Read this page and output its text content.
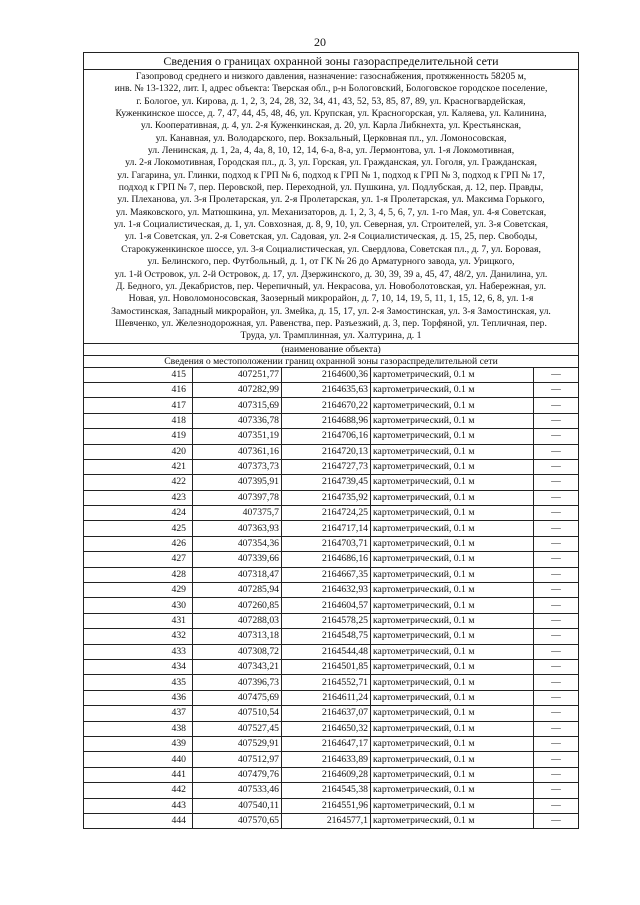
20
Сведения о границах охранной зоны газораспределительной сети
Газопровод среднего и низкого давления, назначение: газоснабжения, протяженность 58205 м,
инв. № 13-1322, лит. I, адрес объекта: Тверская обл., р-н Бологовский, Бологовское городское поселение,
г. Бологое, ул. Кирова, д. 1, 2, 3, 24, 28, 32, 34, 41, 43, 52, 53, 85, 87, 89, ул. Красногвардейская,
Куженкинское шоссе, д. 7, 47, 44, 45, 48, 46, ул. Крупская, ул. Красногорская, ул. Каляева, ул. Калинина,
ул. Кооперативная, д. 4, ул. 2-я Куженкинская, д. 20, ул. Карла Либкнехта, ул. Крестьянская,
ул. Канавная, ул. Володарского, пер. Вокзальный, Церковная пл., ул. Ломоносовская,
ул. Ленинская, д. 1, 2а, 4, 4а, 8, 10, 12, 14, 6-а, 8-а, ул. Лермонтова, ул. 1-я Локомотивная,
ул. 2-я Локомотивная, Городская пл., д. 3, ул. Горская, ул. Гражданская, ул. Гоголя, ул. Гражданская,
ул. Гагарина, ул. Глинки, подход к ГРП № 6, подход к ГРП № 1, подход к ГРП № 3, подход к ГРП № 17,
подход к ГРП № 7, пер. Перовской, пер. Переходной, ул. Пушкина, ул. Подлубская, д. 12, пер. Правды,
ул. Плеханова, ул. 3-я Пролетарская, ул. 2-я Пролетарская, ул. 1-я Пролетарская, ул. Максима Горького,
ул. Маяковского, ул. Матюшкина, ул. Механизаторов, д. 1, 2, 3, 4, 5, 6, 7, ул. 1-го Мая, ул. 4-я Советская,
ул. 1-я Социалистическая, д. 1, ул. Совхозная, д. 8, 9, 10, ул. Северная, ул. Строителей, ул. 3-я Советская,
ул. 1-я Советская, ул. 2-я Советская, ул. Садовая, ул. 2-я Социалистическая, д. 15, 25, пер. Свободы,
Старокуженкинское шоссе, ул. 3-я Социалистическая, ул. Свердлова, Советская пл., д. 7, ул. Боровая,
ул. Белинского, пер. Футбольный, д. 1, от ГК № 26 до Арматурного завода, ул. Урицкого,
ул. 1-й Островок, ул. 2-й Островок, д. 17, ул. Дзержинского, д. 30, 39, 39 а, 45, 47, 48/2, ул. Данилина, ул.
Д. Бедного, ул. Декабристов, пер. Черепичный, ул. Некрасова, ул. Новоболотовская, ул. Набережная, ул.
Новая, ул. Новоломоносовская, Заозерный микрорайон, д. 7, 10, 14, 19, 5, 11, 1, 15, 12, 6, 8, ул. 1-я
Замостинская, Западный микрорайон, ул. Змейка, д. 15, 17, ул. 2-я Замостинская, ул. 3-я Замостинская, ул.
Шевченко, ул. Железнодорожная, ул. Равенства, пер. Разъезжий, д. 3, пер. Торфяной, ул. Тепличная, пер.
Труда, ул. Трамплинная, ул. Халтурина, д. 1
(наименование объекта)
Сведения о местоположении границ охранной зоны газораспределительной сети
415	407251,77	2164600,36	картометрический, 0.1 м	—
416	407282,99	2164635,63	картометрический, 0.1 м	—
417	407315,69	2164670,22	картометрический, 0.1 м	—
418	407336,78	2164688,96	картометрический, 0.1 м	—
419	407351,19	2164706,16	картометрический, 0.1 м	—
420	407361,16	2164720,13	картометрический, 0.1 м	—
421	407373,73	2164727,73	картометрический, 0.1 м	—
422	407395,91	2164739,45	картометрический, 0.1 м	—
423	407397,78	2164735,92	картометрический, 0.1 м	—
424	407375,7	2164724,25	картометрический, 0.1 м	—
425	407363,93	2164717,14	картометрический, 0.1 м	—
426	407354,36	2164703,71	картометрический, 0.1 м	—
427	407339,66	2164686,16	картометрический, 0.1 м	—
428	407318,47	2164667,35	картометрический, 0.1 м	—
429	407285,94	2164632,93	картометрический, 0.1 м	—
430	407260,85	2164604,57	картометрический, 0.1 м	—
431	407288,03	2164578,25	картометрический, 0.1 м	—
432	407313,18	2164548,75	картометрический, 0.1 м	—
433	407308,72	2164544,48	картометрический, 0.1 м	—
434	407343,21	2164501,85	картометрический, 0.1 м	—
435	407396,73	2164552,71	картометрический, 0.1 м	—
436	407475,69	2164611,24	картометрический, 0.1 м	—
437	407510,54	2164637,07	картометрический, 0.1 м	—
438	407527,45	2164650,32	картометрический, 0.1 м	—
439	407529,91	2164647,17	картометрический, 0.1 м	—
440	407512,97	2164633,89	картометрический, 0.1 м	—
441	407479,76	2164609,28	картометрический, 0.1 м	—
442	407533,46	2164545,38	картометрический, 0.1 м	—
443	407540,11	2164551,96	картометрический, 0.1 м	—
444	407570,65	2164577,1	картометрический, 0.1 м	—
